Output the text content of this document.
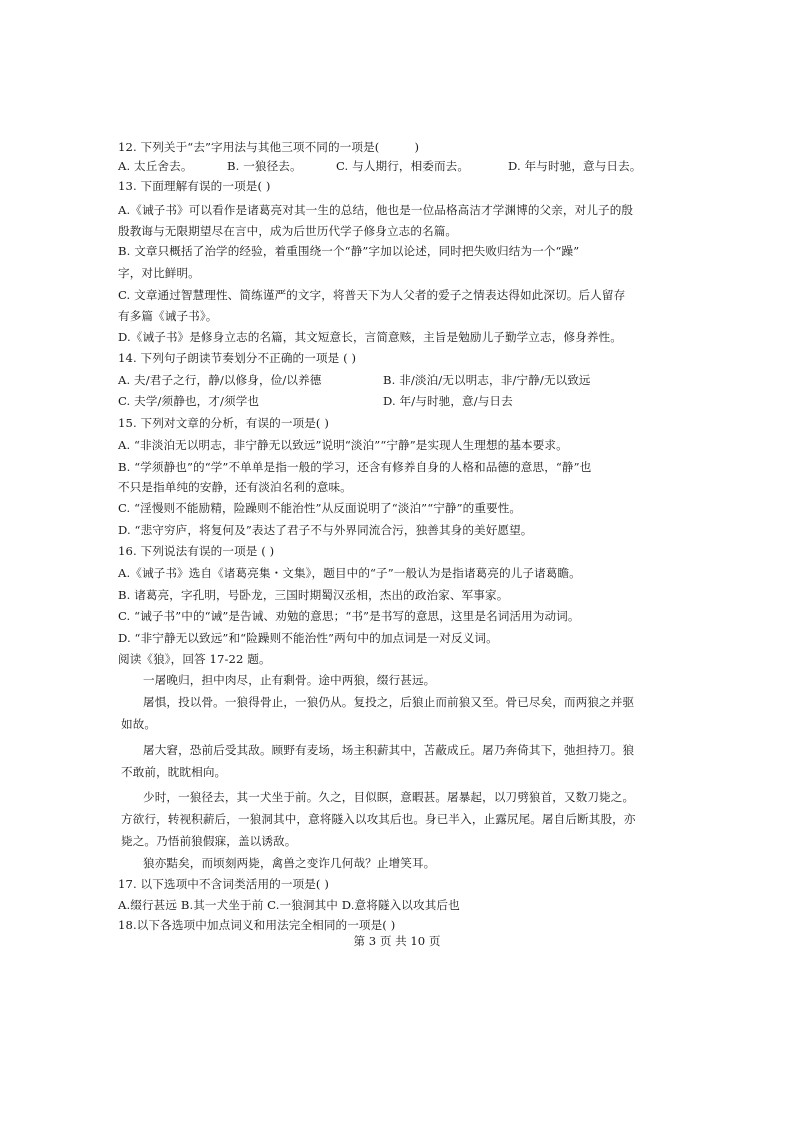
12. 下列关于“去”字用法与其他三项不同的一项是(　　　)
A. 太丘舍去。	B. 一狼径去。	C. 与人期行，相委而去。	D. 年与时驰，意与日去。
13. 下面理解有误的一项是( )
A.《诫子书》可以看作是诸葛亮对其一生的总结，他也是一位品格高洁才学渊博的父亲，对儿子的殷
殷教诲与无限期望尽在言中，成为后世历代学子修身立志的名篇。
B. 文章只概括了治学的经验，着重围绕一个“静”字加以论述，同时把失败归结为一个“躁”
字，对比鲜明。
C. 文章通过智慧理性、简练谨严的文字，将普天下为人父者的爱子之情表达得如此深切。后人留存
有多篇《诫子书》。
D.《诫子书》是修身立志的名篇，其文短意长，言简意赅，主旨是勉励儿子勤学立志，修身养性。
14. 下列句子朗读节奏划分不正确的一项是 ( )
A. 夫/君子之行，静/以修身，俭/以养德	B. 非/淡泊/无以明志，非/宁静/无以致远
C. 夫学/须静也，才/须学也	D. 年/与时驰，意/与日去
15. 下列对文章的分析，有误的一项是( )
A. “非淡泊无以明志，非宁静无以致远”说明“淡泊”“宁静”是实现人生理想的基本要求。
B. “学须静也”的“学”不单单是指一般的学习，还含有修养自身的人格和品德的意思，“静”也
不只是指单纯的安静，还有淡泊名利的意味。
C. “淫慢则不能励精，险躁则不能治性”从反面说明了“淡泊”“宁静”的重要性。
D. “悲守穷庐，将复何及”表达了君子不与外界同流合污，独善其身的美好愿望。
16. 下列说法有误的一项是 ( )
A.《诫子书》选自《诸葛亮集・文集》，题目中的“子”一般认为是指诸葛亮的儿子诸葛瞻。
B. 诸葛亮，字孔明，号卧龙，三国时期蜀汉丞相，杰出的政治家、军事家。
C. “诫子书”中的“诫”是告诫、劝勉的意思；“书”是书写的意思，这里是名词活用为动词。
D. “非宁静无以致远”和“险躁则不能治性”两句中的加点词是一对反义词。
阅读《狼》，回答 17-22 题。
一屠晚归，担中肉尽，止有剩骨。途中两狼，缀行甚远。
屠惧，投以骨。一狼得骨止，一狼仍从。复投之，后狼止而前狼又至。骨已尽矣，而两狼之并驱
如故。
屠大窘，恐前后受其敌。顾野有麦场，场主积薪其中，苫蔽成丘。屠乃奔倚其下，弛担持刀。狼
不敢前，眈眈相向。
少时，一狼径去，其一犬坐于前。久之，目似瞑，意暇甚。屠暴起，以刀劈狼首，又数刀毙之。
方欲行，转视积薪后，一狼洞其中，意将隧入以攻其后也。身已半入，止露尻尾。屠自后断其股，亦
毙之。乃悟前狼假寐，盖以诱敌。
狼亦黠矣，而顷刻两毙，禽兽之变诈几何哉？止增笑耳。
17. 以下选项中不含词类活用的一项是( )
A.缀行甚远 B.其一犬坐于前 C.一狼洞其中 D.意将隧入以攻其后也
18.以下各选项中加点词义和用法完全相同的一项是( )
第 3 页 共 10 页
